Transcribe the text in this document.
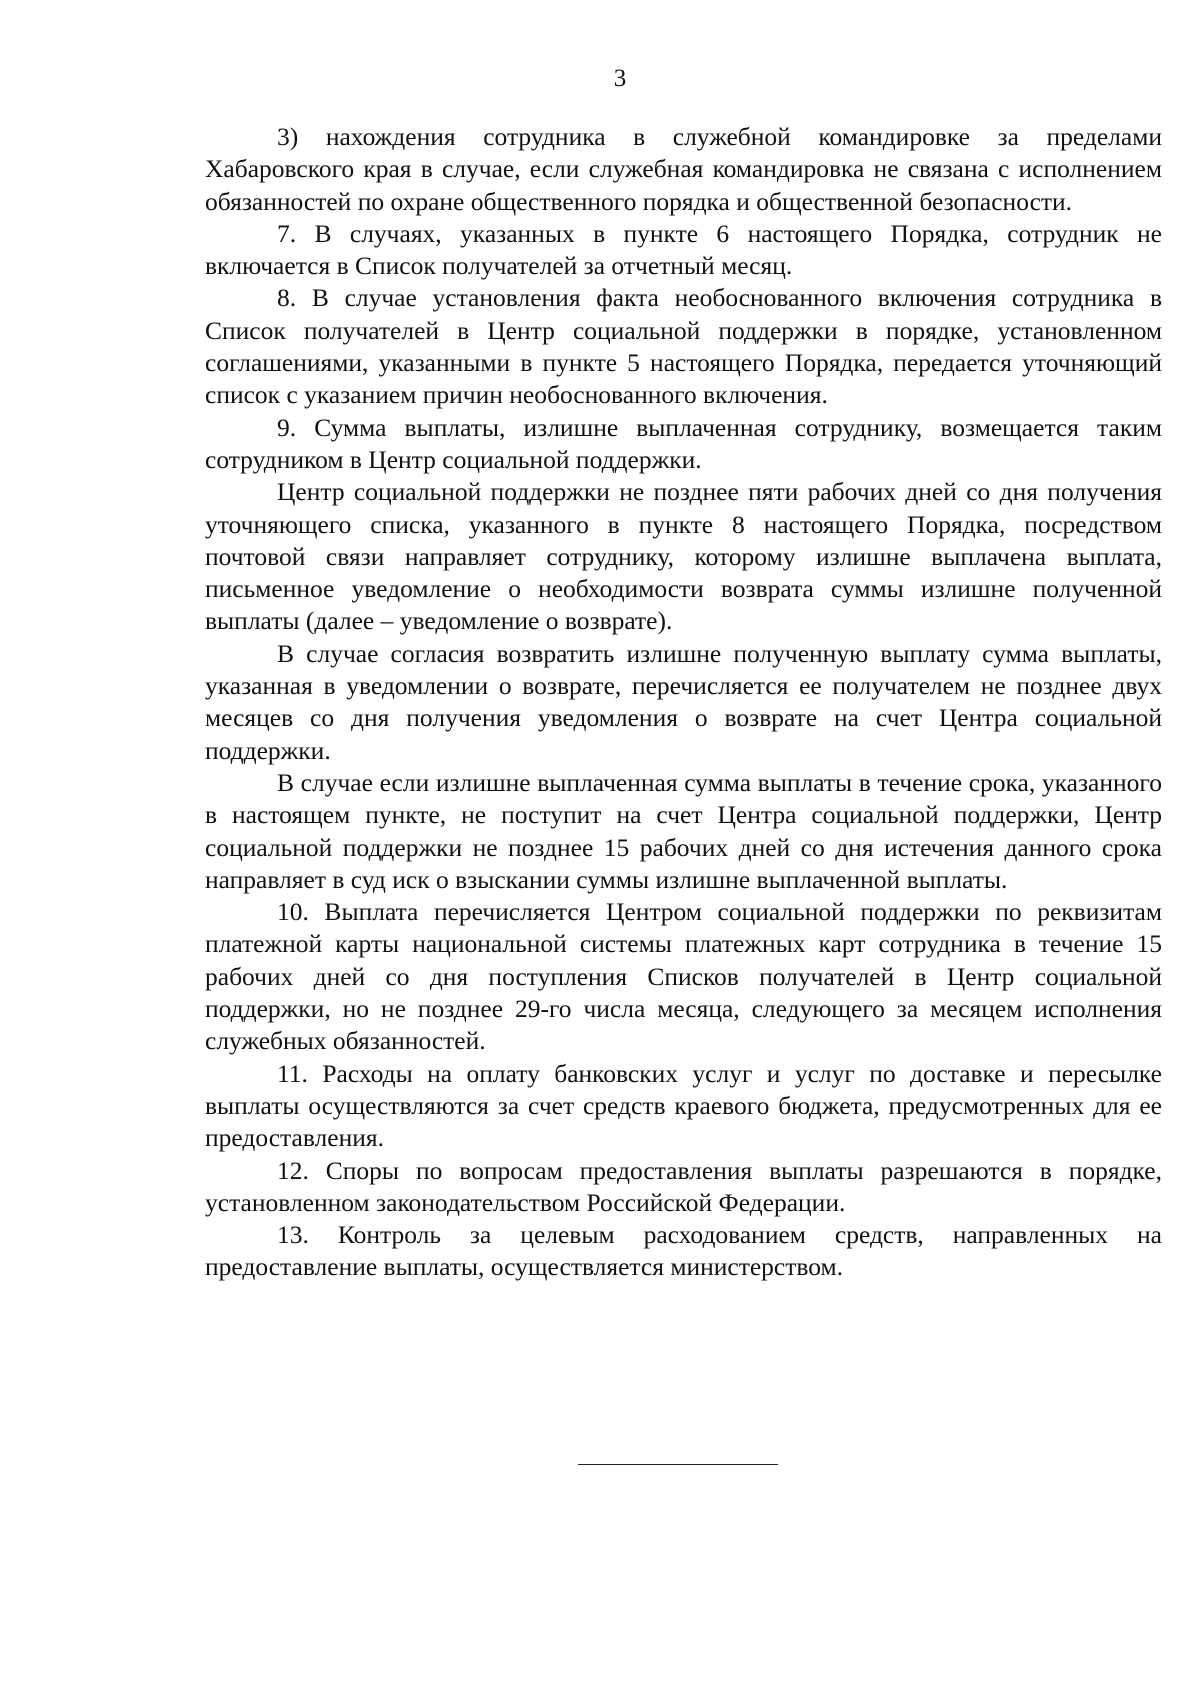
3

3) нахождения сотрудника в служебной командировке за пределами Хабаровского края в случае, если служебная командировка не связана с исполнением обязанностей по охране общественного порядка и общественной безопасности.

7. В случаях, указанных в пункте 6 настоящего Порядка, сотрудник не включается в Список получателей за отчетный месяц.

8. В случае установления факта необоснованного включения сотрудника в Список получателей в Центр социальной поддержки в порядке, установленном соглашениями, указанными в пункте 5 настоящего Порядка, передается уточняющий список с указанием причин необоснованного включения.

9. Сумма выплаты, излишне выплаченная сотруднику, возмещается таким сотрудником в Центр социальной поддержки.

Центр социальной поддержки не позднее пяти рабочих дней со дня получения уточняющего списка, указанного в пункте 8 настоящего Порядка, посредством почтовой связи направляет сотруднику, которому излишне выплачена выплата, письменное уведомление о необходимости возврата суммы излишне полученной выплаты (далее – уведомление о возврате).

В случае согласия возвратить излишне полученную выплату сумма выплаты, указанная в уведомлении о возврате, перечисляется ее получателем не позднее двух месяцев со дня получения уведомления о возврате на счет Центра социальной поддержки.

В случае если излишне выплаченная сумма выплаты в течение срока, указанного в настоящем пункте, не поступит на счет Центра социальной поддержки, Центр социальной поддержки не позднее 15 рабочих дней со дня истечения данного срока направляет в суд иск о взыскании суммы излишне выплаченной выплаты.

10. Выплата перечисляется Центром социальной поддержки по реквизитам платежной карты национальной системы платежных карт сотрудника в течение 15 рабочих дней со дня поступления Списков получателей в Центр социальной поддержки, но не позднее 29-го числа месяца, следующего за месяцем исполнения служебных обязанностей.

11. Расходы на оплату банковских услуг и услуг по доставке и пересылке выплаты осуществляются за счет средств краевого бюджета, предусмотренных для ее предоставления.

12. Споры по вопросам предоставления выплаты разрешаются в порядке, установленном законодательством Российской Федерации.

13. Контроль за целевым расходованием средств, направленных на предоставление выплаты, осуществляется министерством.
